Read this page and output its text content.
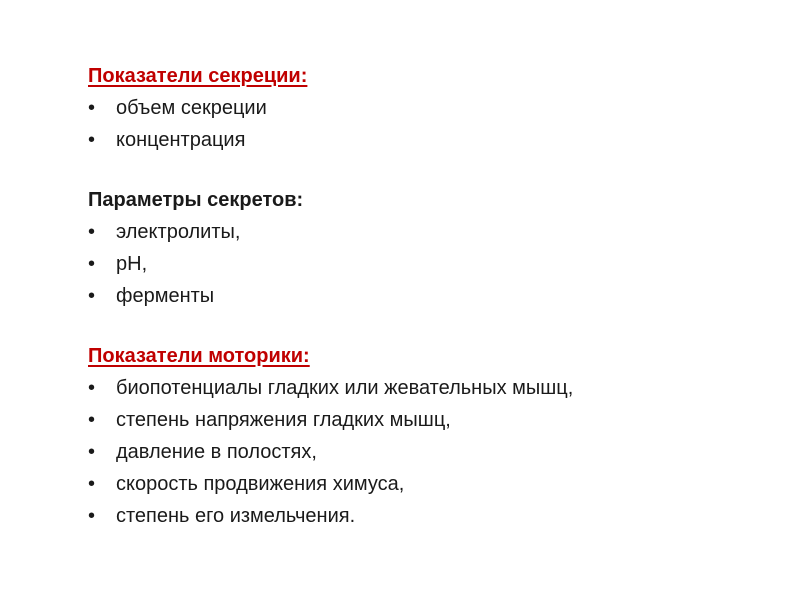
Показатели секреции:
•	объем секреции
•	концентрация
Параметры секретов:
•	электролиты,
•	pH,
•	ферменты
Показатели моторики:
•	биопотенциалы гладких или жевательных мышц,
•	степень напряжения гладких мышц,
•	давление в полостях,
•	скорость продвижения химуса,
•	степень его измельчения.
